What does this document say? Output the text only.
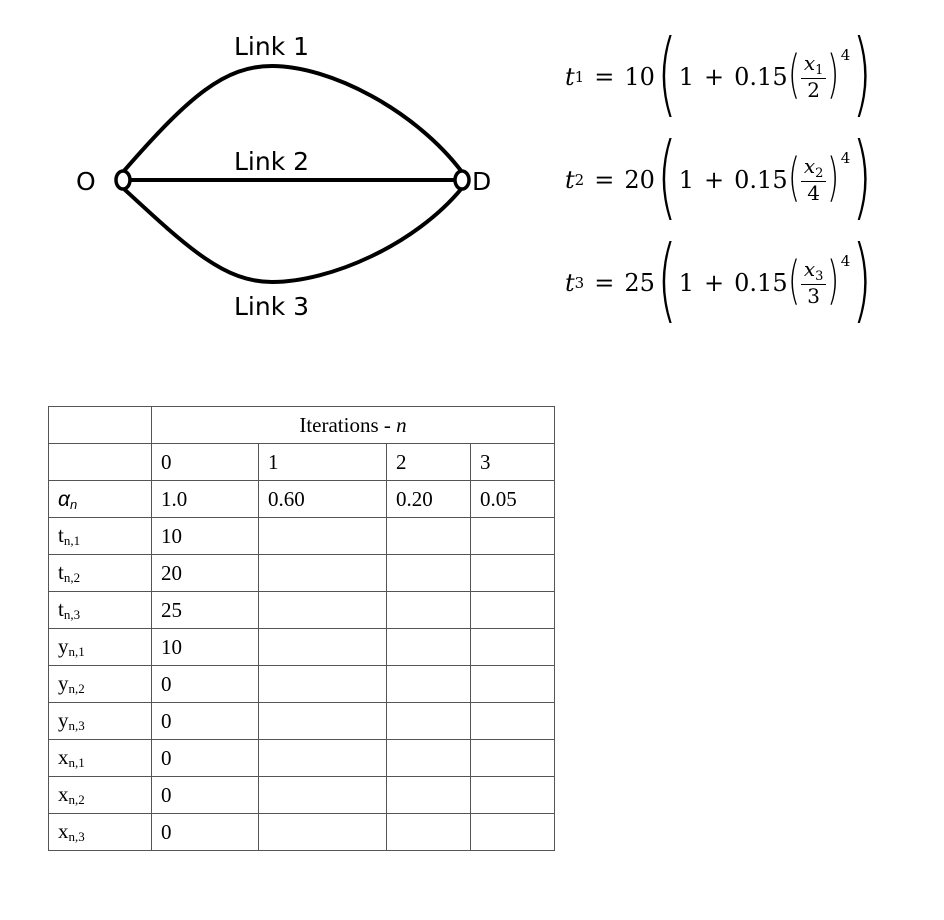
O	D
Link 1
Link 2
Link 3
t 1 = 10 ( 1 + 0.15 ( $\frac{x_1}{2}$ ) 4 )
t 2 = 20 ( 1 + 0.15 ( $\frac{x_2}{4}$ ) 4 )
t 3 = 25 ( 1 + 0.15 ( $\frac{x_3}{3}$ ) 4 )
	Iterations - n			
	0	1	2	3
$\alpha_n$	1.0	0.60	0.20	0.05
$t_{n,1}$	10			
$t_{n,2}$	20			
$t_{n,3}$	25			
$y_{n,1}$	10			
$y_{n,2}$	0			
$y_{n,3}$	0			
$x_{n,1}$	0			
$x_{n,2}$	0			
$x_{n,3}$	0			
